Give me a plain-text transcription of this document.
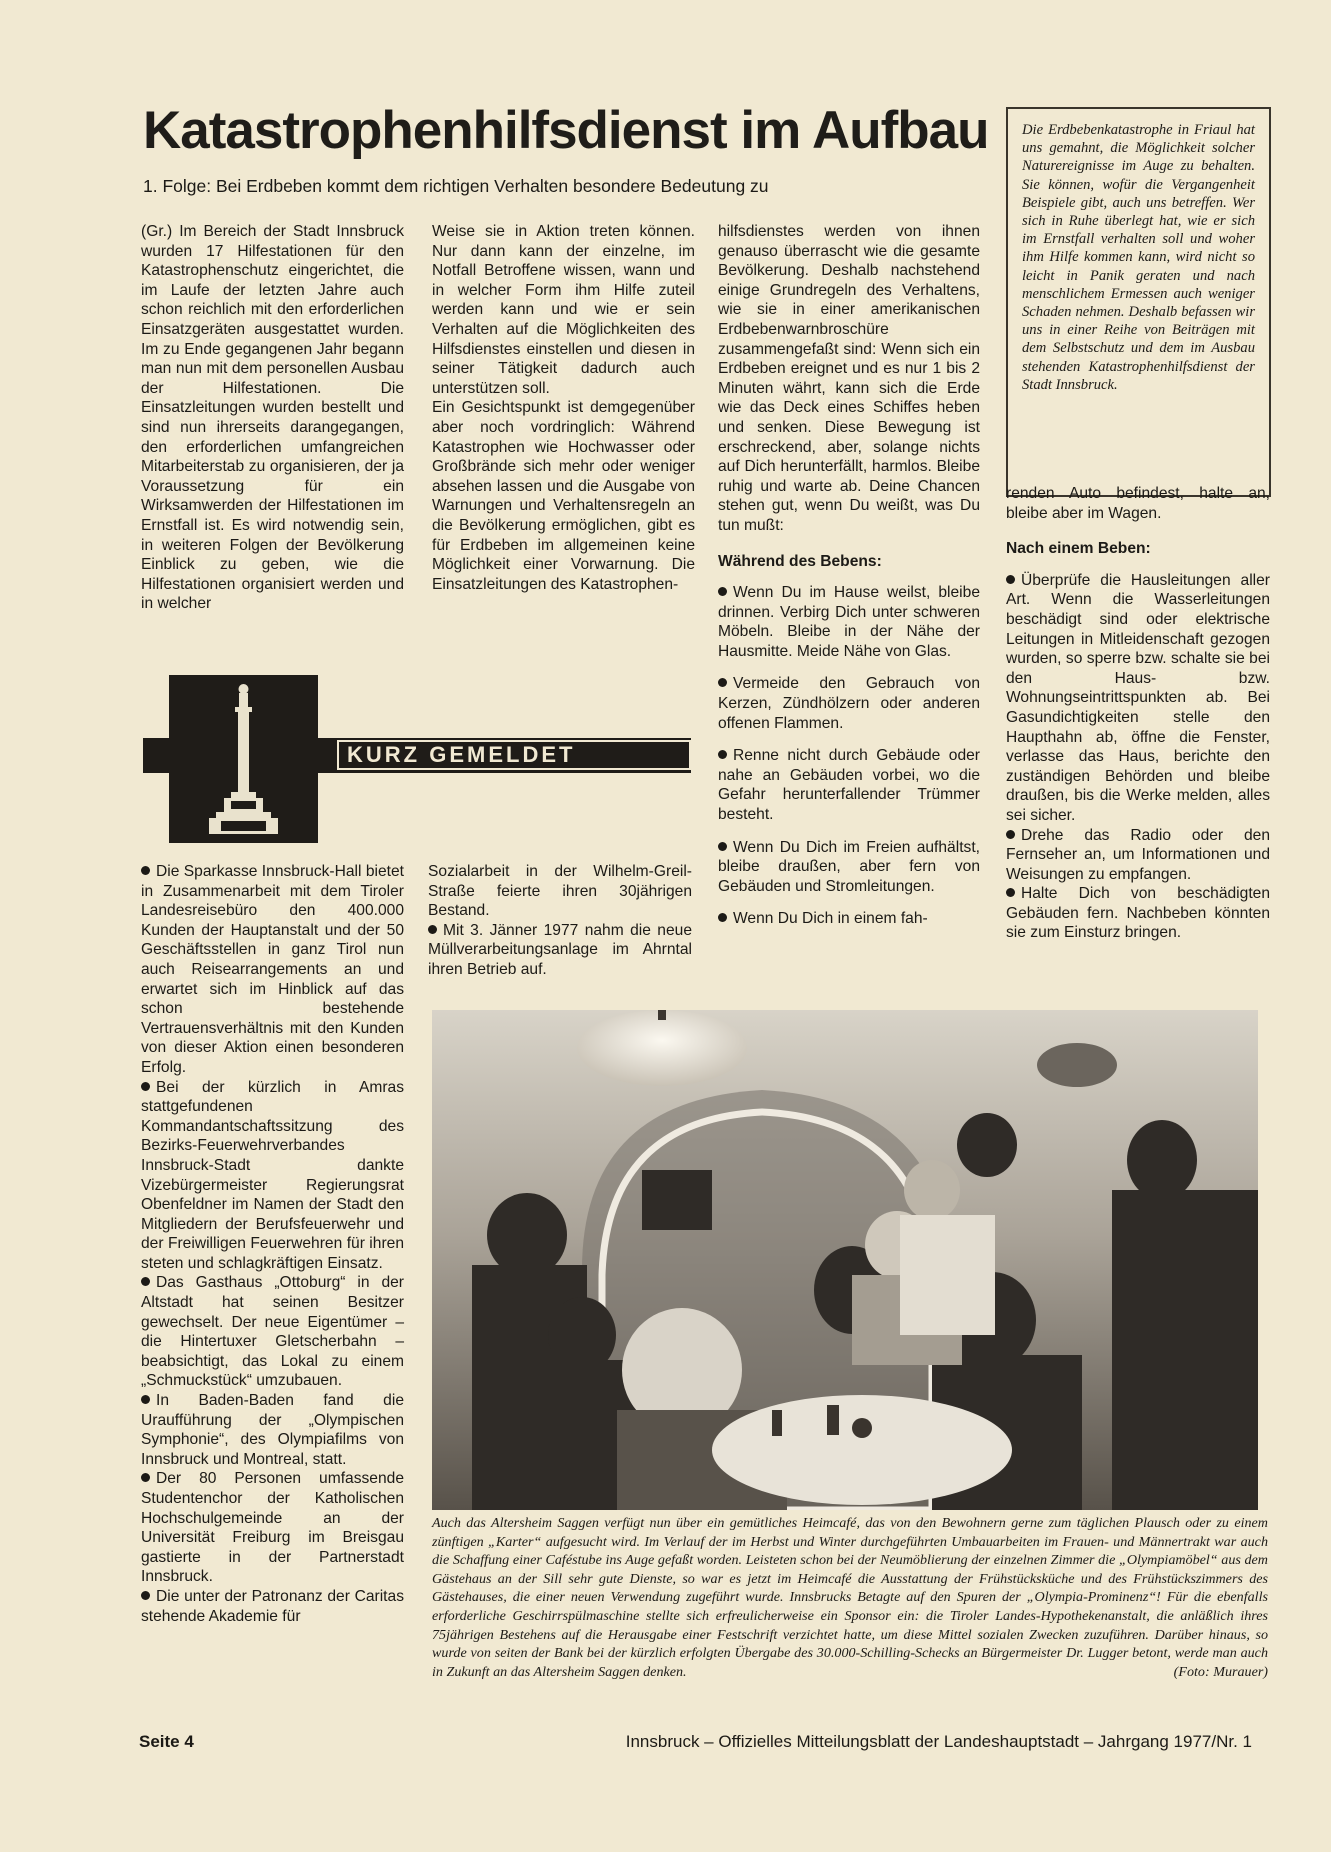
Katastrophenhilfsdienst im Aufbau
1. Folge: Bei Erdbeben kommt dem richtigen Verhalten besondere Bedeutung zu

(Gr.) Im Bereich der Stadt Innsbruck wurden 17 Hilfestationen für den Katastrophenschutz eingerichtet, die im Laufe der letzten Jahre auch schon reichlich mit den erforderlichen Einsatzgeräten ausgestattet wurden. Im zu Ende gegangenen Jahr begann man nun mit dem personellen Ausbau der Hilfestationen. Die Einsatzleitungen wurden bestellt und sind nun ihrerseits darangegangen, den erforderlichen umfangreichen Mitarbeiterstab zu organisieren, der ja Voraussetzung für ein Wirksamwerden der Hilfestationen im Ernstfall ist. Es wird notwendig sein, in weiteren Folgen der Bevölkerung Einblick zu geben, wie die Hilfestationen organisiert werden und in welcher

Weise sie in Aktion treten können. Nur dann kann der einzelne, im Notfall Betroffene wissen, wann und in welcher Form ihm Hilfe zuteil werden kann und wie er sein Verhalten auf die Möglichkeiten des Hilfsdienstes einstellen und diesen in seiner Tätigkeit dadurch auch unterstützen soll.

Ein Gesichtspunkt ist demgegenüber aber noch vordringlich: Während Katastrophen wie Hochwasser oder Großbrände sich mehr oder weniger absehen lassen und die Ausgabe von Warnungen und Verhaltensregeln an die Bevölkerung ermöglichen, gibt es für Erdbeben im allgemeinen keine Möglichkeit einer Vorwarnung. Die Einsatzleitungen des Katastrophen-

hilfsdienstes werden von ihnen genauso überrascht wie die gesamte Bevölkerung. Deshalb nachstehend einige Grundregeln des Verhaltens, wie sie in einer amerikanischen Erdbebenwarnbroschüre zusammengefaßt sind: Wenn sich ein Erdbeben ereignet und es nur 1 bis 2 Minuten währt, kann sich die Erde wie das Deck eines Schiffes heben und senken. Diese Bewegung ist erschreckend, aber, solange nichts auf Dich herunterfällt, harmlos. Bleibe ruhig und warte ab. Deine Chancen stehen gut, wenn Du weißt, was Du tun mußt:

Während des Bebens:

Wenn Du im Hause weilst, bleibe drinnen. Verbirg Dich unter schweren Möbeln. Bleibe in der Nähe der Hausmitte. Meide Nähe von Glas.

Vermeide den Gebrauch von Kerzen, Zündhölzern oder anderen offenen Flammen.

Renne nicht durch Gebäude oder nahe an Gebäuden vorbei, wo die Gefahr herunterfallender Trümmer besteht.

Wenn Du Dich im Freien aufhältst, bleibe draußen, aber fern von Gebäuden und Stromleitungen.

Wenn Du Dich in einem fah-

Die Erdbebenkatastrophe in Friaul hat uns gemahnt, die Möglichkeit solcher Naturereignisse im Auge zu behalten. Sie können, wofür die Vergangenheit Beispiele gibt, auch uns betreffen. Wer sich in Ruhe überlegt hat, wie er sich im Ernstfall verhalten soll und woher ihm Hilfe kommen kann, wird nicht so leicht in Panik geraten und nach menschlichem Ermessen auch weniger Schaden nehmen. Deshalb befassen wir uns in einer Reihe von Beiträgen mit dem Selbstschutz und dem im Ausbau stehenden Katastrophenhilfsdienst der Stadt Innsbruck.

renden Auto befindest, halte an, bleibe aber im Wagen.

Nach einem Beben:

Überprüfe die Hausleitungen aller Art. Wenn die Wasserleitungen beschädigt sind oder elektrische Leitungen in Mitleidenschaft gezogen wurden, so sperre bzw. schalte sie bei den Haus- bzw. Wohnungseintrittspunkten ab. Bei Gasundichtigkeiten stelle den Haupthahn ab, öffne die Fenster, verlasse das Haus, berichte den zuständigen Behörden und bleibe draußen, bis die Werke melden, alles sei sicher.

Drehe das Radio oder den Fernseher an, um Informationen und Weisungen zu empfangen.

Halte Dich von beschädigten Gebäuden fern. Nachbeben könnten sie zum Einsturz bringen.

KURZ GEMELDET

Die Sparkasse Innsbruck-Hall bietet in Zusammenarbeit mit dem Tiroler Landesreisebüro den 400.000 Kunden der Hauptanstalt und der 50 Geschäftsstellen in ganz Tirol nun auch Reisearrangements an und erwartet sich im Hinblick auf das schon bestehende Vertrauensverhältnis mit den Kunden von dieser Aktion einen besonderen Erfolg.

Bei der kürzlich in Amras stattgefundenen Kommandantschaftssitzung des Bezirks-Feuerwehrverbandes Innsbruck-Stadt dankte Vizebürgermeister Regierungsrat Obenfeldner im Namen der Stadt den Mitgliedern der Berufsfeuerwehr und der Freiwilligen Feuerwehren für ihren steten und schlagkräftigen Einsatz.

Das Gasthaus „Ottoburg“ in der Altstadt hat seinen Besitzer gewechselt. Der neue Eigentümer – die Hintertuxer Gletscherbahn – beabsichtigt, das Lokal zu einem „Schmuckstück“ umzubauen.

In Baden-Baden fand die Uraufführung der „Olympischen Symphonie“, des Olympiafilms von Innsbruck und Montreal, statt.

Der 80 Personen umfassende Studentenchor der Katholischen Hochschulgemeinde an der Universität Freiburg im Breisgau gastierte in der Partnerstadt Innsbruck.

Die unter der Patronanz der Caritas stehende Akademie für

Sozialarbeit in der Wilhelm-Greil-Straße feierte ihren 30jährigen Bestand.

Mit 3. Jänner 1977 nahm die neue Müllverarbeitungsanlage im Ahrntal ihren Betrieb auf.

Auch das Altersheim Saggen verfügt nun über ein gemütliches Heimcafé, das von den Bewohnern gerne zum täglichen Plausch oder zu einem zünftigen „Karter“ aufgesucht wird. Im Verlauf der im Herbst und Winter durchgeführten Umbauarbeiten im Frauen- und Männertrakt war auch die Schaffung einer Caféstube ins Auge gefaßt worden. Leisteten schon bei der Neumöblierung der einzelnen Zimmer die „Olympiamöbel“ aus dem Gästehaus an der Sill sehr gute Dienste, so war es jetzt im Heimcafé die Ausstattung der Frühstücksküche und des Frühstückszimmers des Gästehauses, die einer neuen Verwendung zugeführt wurde. Innsbrucks Betagte auf den Spuren der „Olympia-Prominenz“! Für die ebenfalls erforderliche Geschirrspülmaschine stellte sich erfreulicherweise ein Sponsor ein: die Tiroler Landes-Hypothekenanstalt, die anläßlich ihres 75jährigen Bestehens auf die Herausgabe einer Festschrift verzichtet hatte, um diese Mittel sozialen Zwecken zuzuführen. Darüber hinaus, so wurde von seiten der Bank bei der kürzlich erfolgten Übergabe des 30.000-Schilling-Schecks an Bürgermeister Dr. Lugger betont, werde man auch in Zukunft an das Altersheim Saggen denken.	(Foto: Murauer)
Seite 4	Innsbruck – Offizielles Mitteilungsblatt der Landeshauptstadt – Jahrgang 1977/Nr. 1
